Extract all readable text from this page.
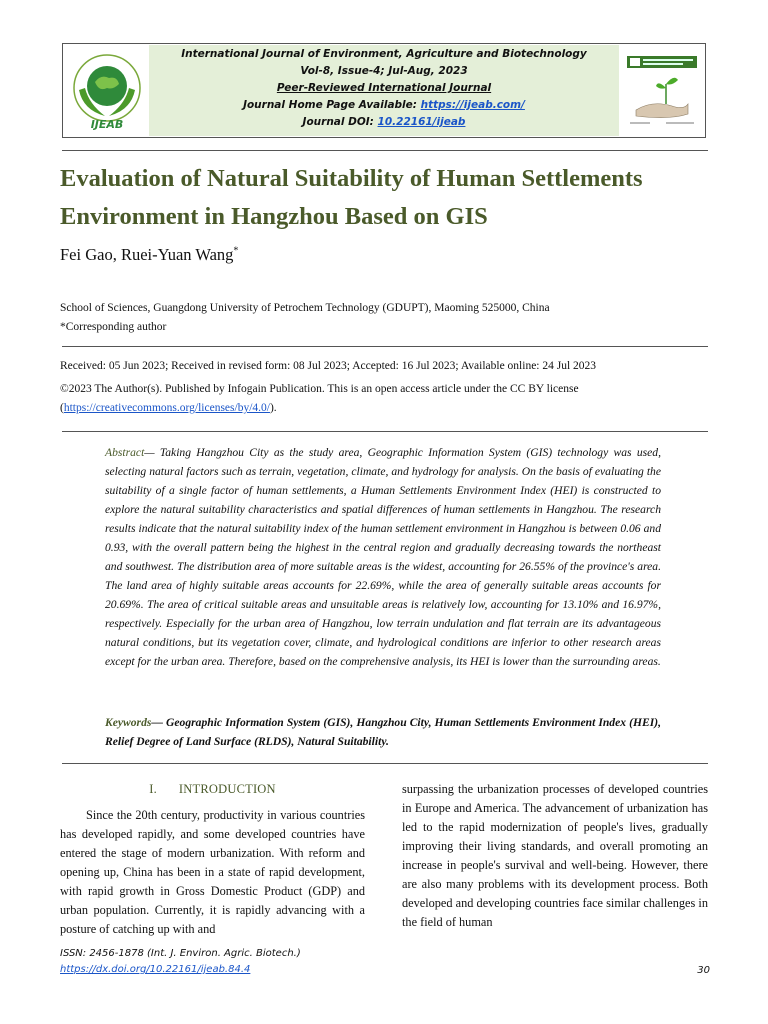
IJEAB
International Journal of Environment, Agriculture and Biotechnology
Vol-8, Issue-4; Jul-Aug, 2023
Peer-Reviewed International Journal
Journal Home Page Available: https://ijeab.com/
Journal DOI: 10.22161/ijeab
Evaluation of Natural Suitability of Human Settlements Environment in Hangzhou Based on GIS
Fei Gao, Ruei-Yuan Wang*
School of Sciences, Guangdong University of Petrochem Technology (GDUPT), Maoming 525000, China
*Corresponding author
Received: 05 Jun 2023; Received in revised form: 08 Jul 2023; Accepted: 16 Jul 2023; Available online: 24 Jul 2023
©2023 The Author(s). Published by Infogain Publication. This is an open access article under the CC BY license
(https://creativecommons.org/licenses/by/4.0/).
Abstract— Taking Hangzhou City as the study area, Geographic Information System (GIS) technology was used, selecting natural factors such as terrain, vegetation, climate, and hydrology for analysis. On the basis of evaluating the suitability of a single factor of human settlements, a Human Settlements Environment Index (HEI) is constructed to explore the natural suitability characteristics and spatial differences of human settlements in Hangzhou. The research results indicate that the natural suitability index of the human settlement environment in Hangzhou is between 0.06 and 0.93, with the overall pattern being the highest in the central region and gradually decreasing towards the northeast and southwest. The distribution area of more suitable areas is the widest, accounting for 26.55% of the province's area. The land area of highly suitable areas accounts for 22.69%, while the area of generally suitable areas accounts for 20.69%. The area of critical suitable areas and unsuitable areas is relatively low, accounting for 13.10% and 16.97%, respectively. Especially for the urban area of Hangzhou, low terrain undulation and flat terrain are its advantageous natural conditions, but its vegetation cover, climate, and hydrological conditions are inferior to other research areas except for the urban area. Therefore, based on the comprehensive analysis, its HEI is lower than the surrounding areas.
Keywords— Geographic Information System (GIS), Hangzhou City, Human Settlements Environment Index (HEI), Relief Degree of Land Surface (RLDS), Natural Suitability.
I. INTRODUCTION

Since the 20th century, productivity in various countries has developed rapidly, and some developed countries have entered the stage of modern urbanization. With reform and opening up, China has been in a state of rapid development, with rapid growth in Gross Domestic Product (GDP) and urban population. Currently, it is rapidly advancing with a posture of catching up with and

surpassing the urbanization processes of developed countries in Europe and America. The advancement of urbanization has led to the rapid modernization of people's lives, gradually improving their living standards, and overall promoting an increase in people's survival and well-being. However, there are also many problems with its development process. Both developed and developing countries face similar challenges in the field of human

ISSN: 2456-1878 (Int. J. Environ. Agric. Biotech.)
https://dx.doi.org/10.22161/ijeab.84.4	30
